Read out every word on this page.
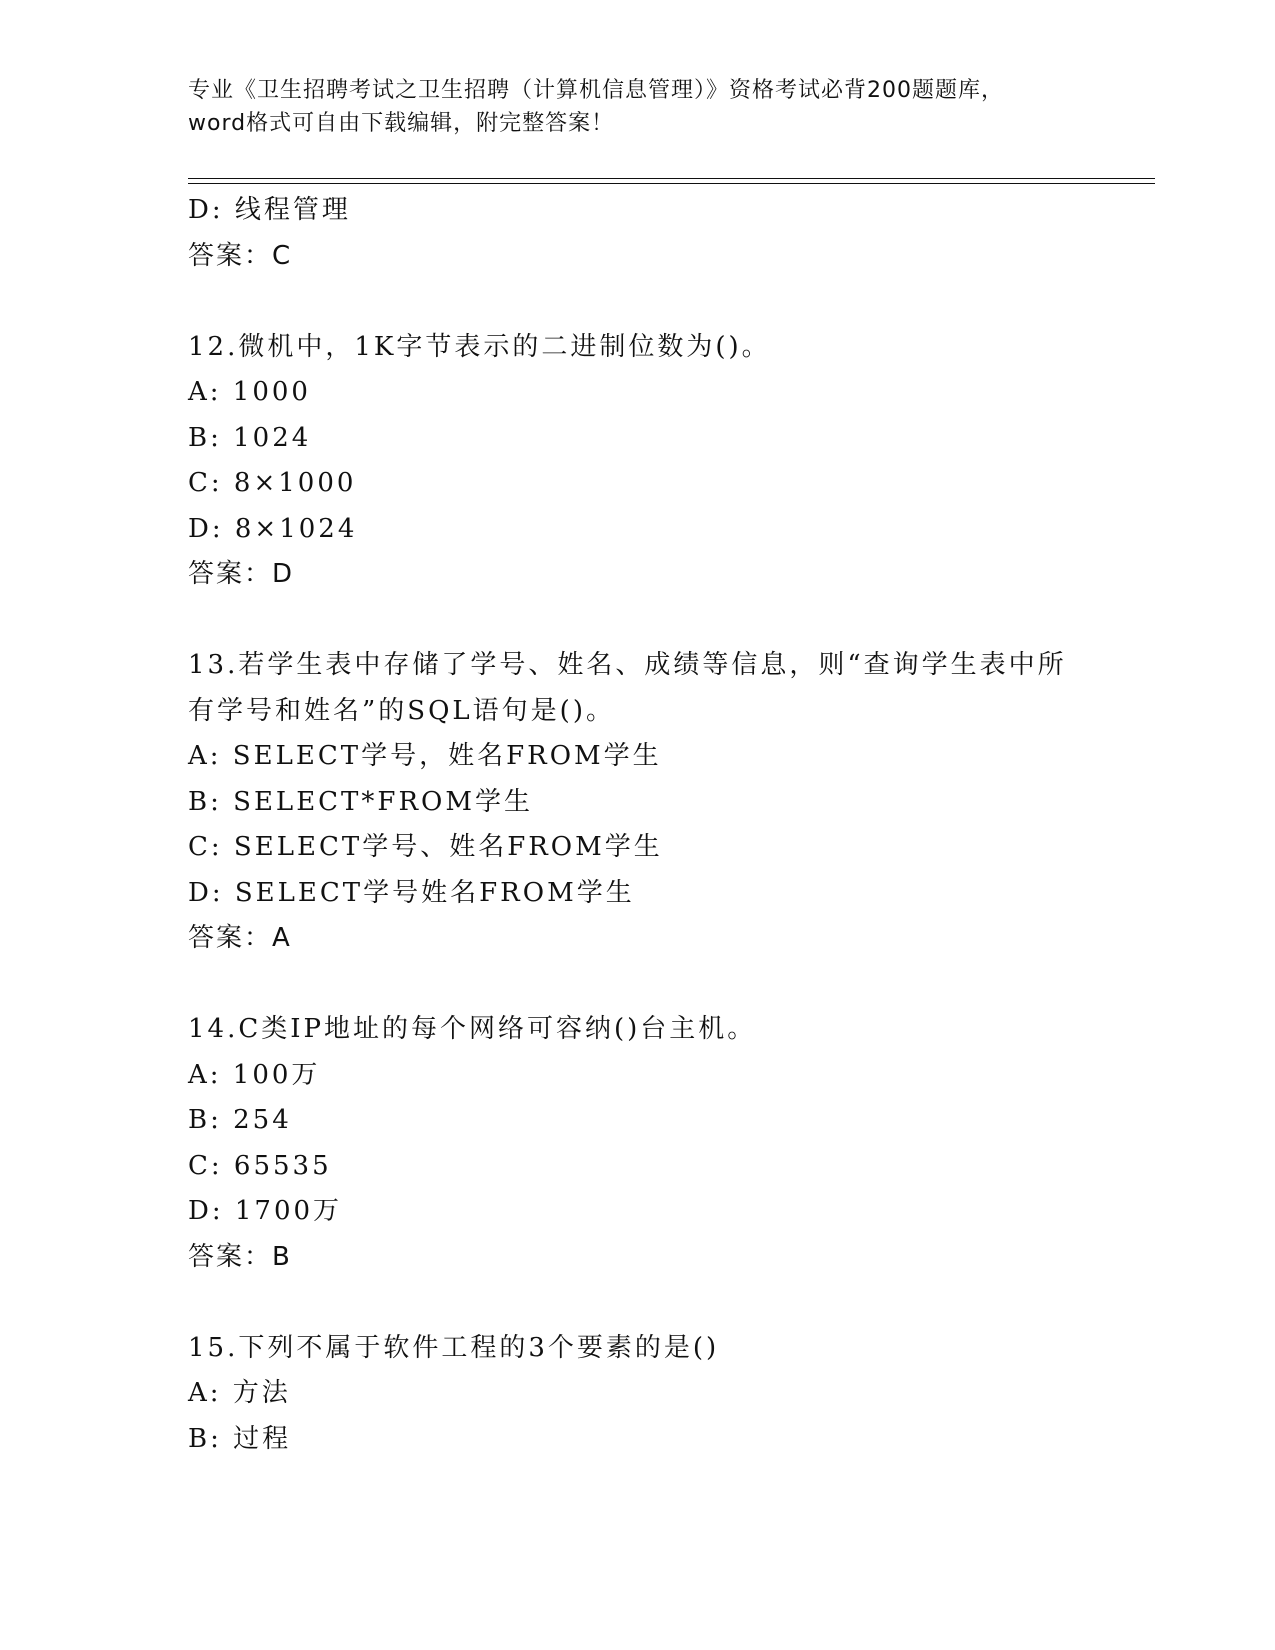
专业《卫生招聘考试之卫生招聘（计算机信息管理）》资格考试必背200题题库，
word格式可自由下载编辑，附完整答案！
D: 线程管理
答案：C
12.微机中，1K字节表示的二进制位数为()。
A: 1000
B: 1024
C: 8×1000
D: 8×1024
答案：D
13.若学生表中存储了学号、姓名、成绩等信息，则“查询学生表中所
有学号和姓名”的SQL语句是()。
A: SELECT学号，姓名FROM学生
B: SELECT*FROM学生
C: SELECT学号、姓名FROM学生
D: SELECT学号姓名FROM学生
答案：A
14.C类IP地址的每个网络可容纳()台主机。
A: 100万
B: 254
C: 65535
D: 1700万
答案：B
15.下列不属于软件工程的3个要素的是()
A: 方法
B: 过程
